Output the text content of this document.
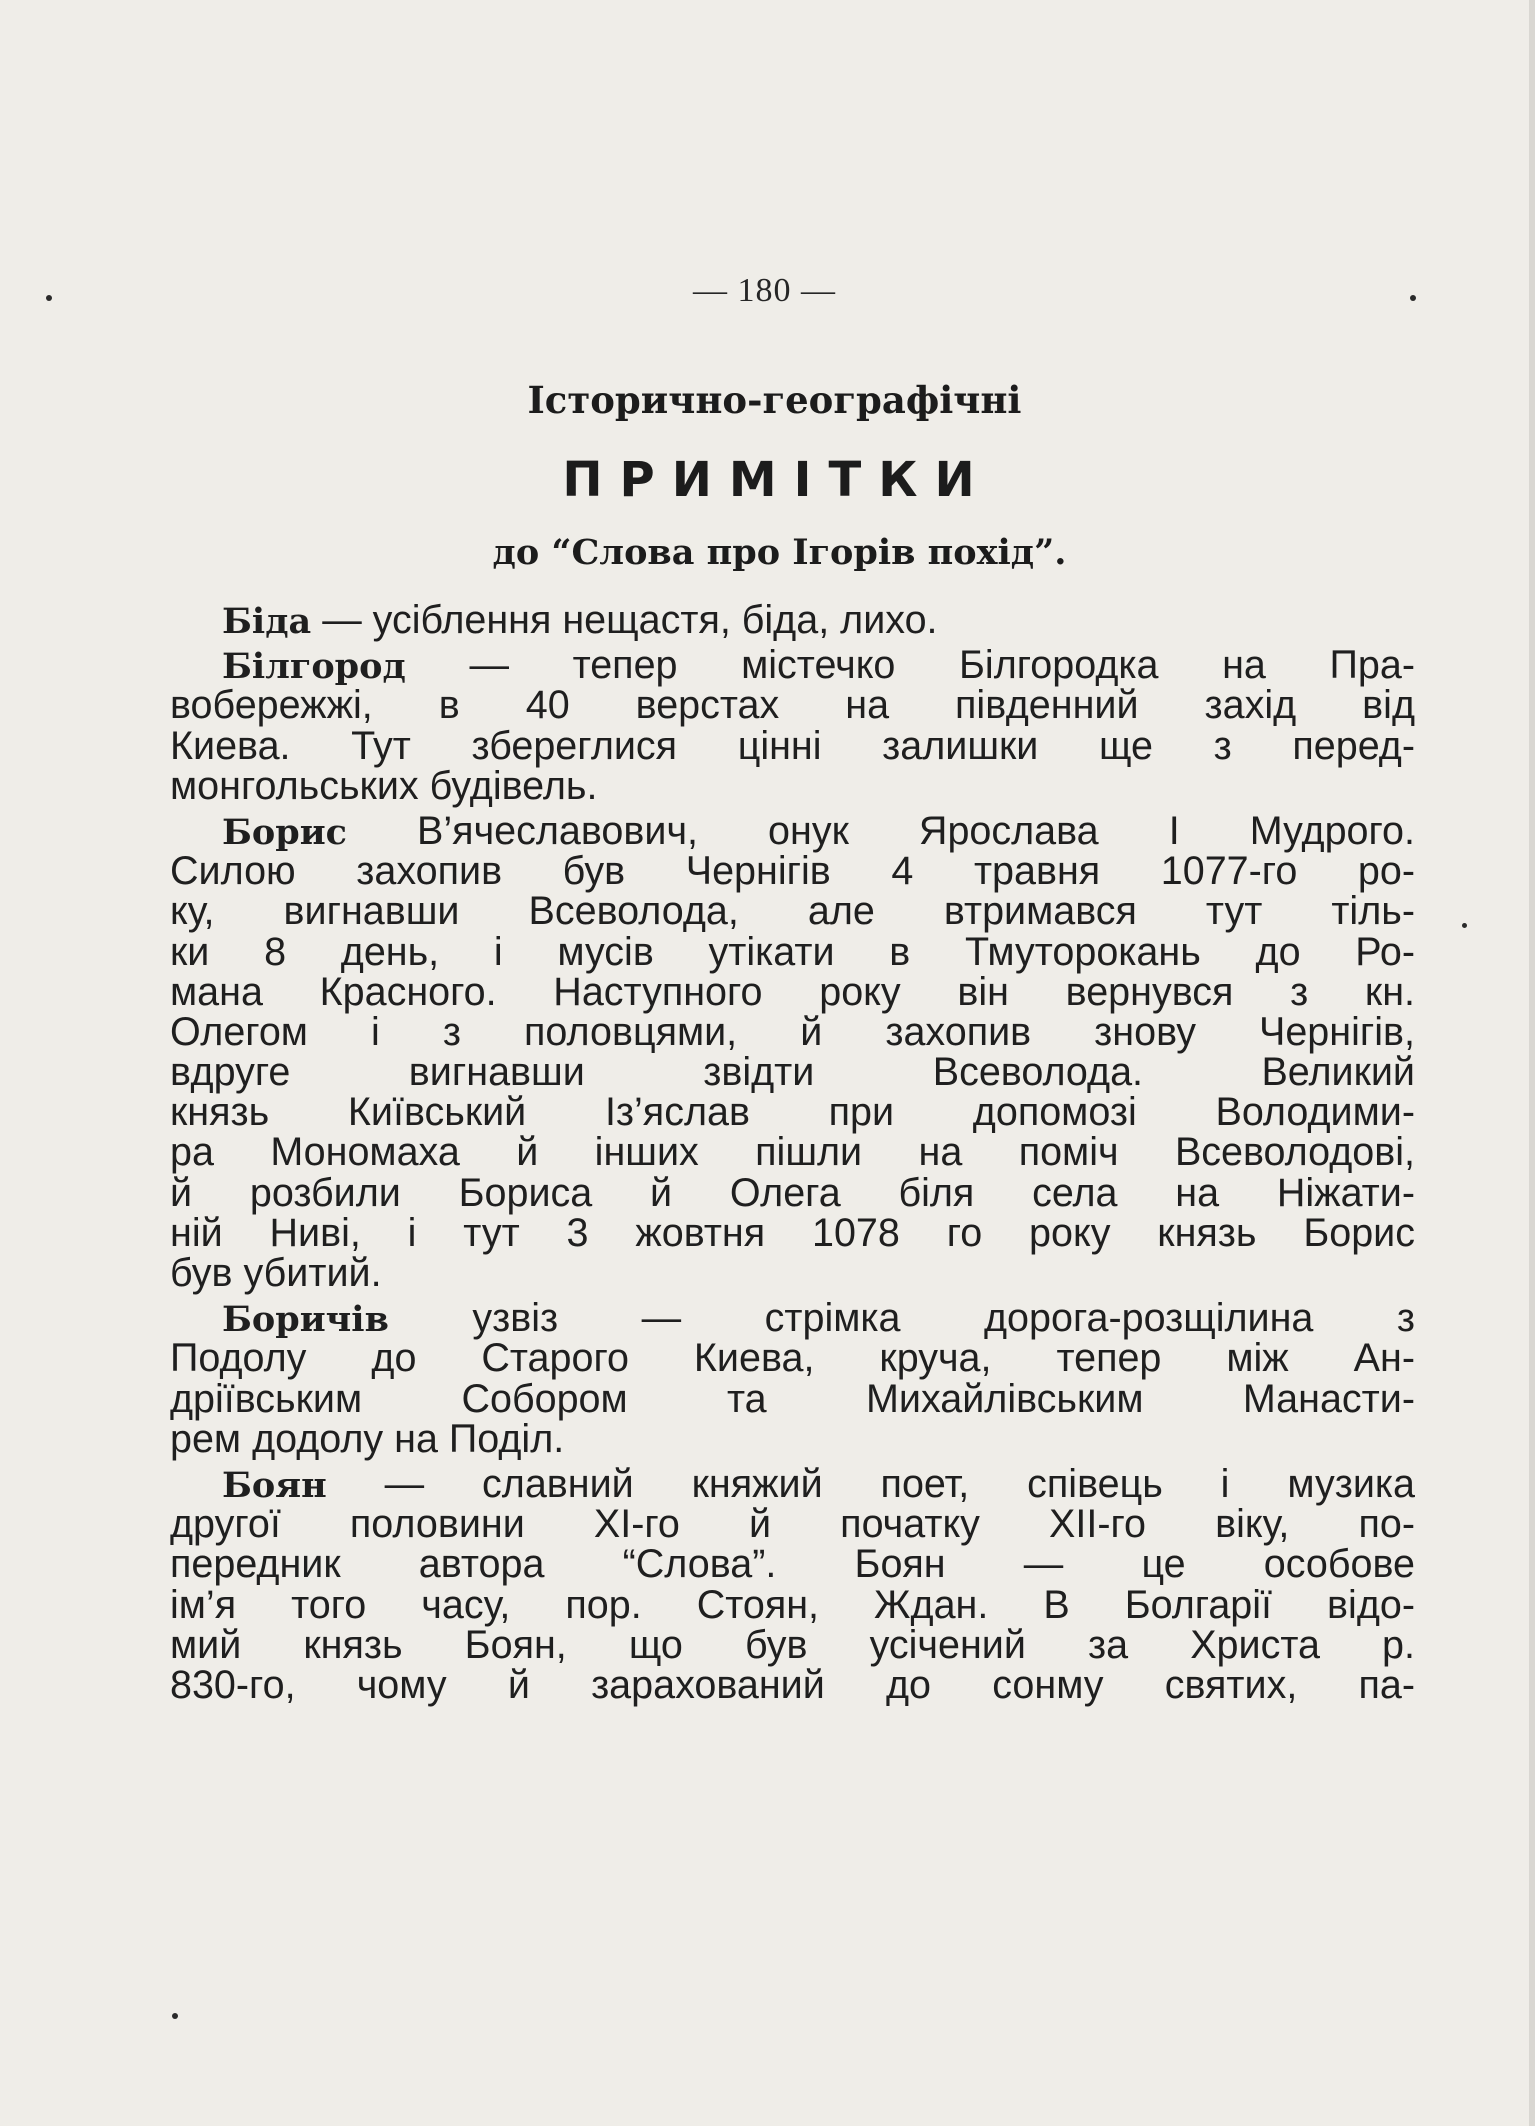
— 180 —
Історично-географічні
ПРИМІТКИ
до “Слова про Ігорів похід”.
Біда — усіблення нещастя, біда, лихо.
Білгород — тепер містечко Білгородка на Пра-
вобережжі, в 40 верстах на південний захід від
Киева. Тут збереглися цінні залишки ще з перед-
монгольських будівель.
Борис В’ячеславович, онук Ярослава І Мудрого.
Силою захопив був Чернігів 4 травня 1077-го ро-
ку, вигнавши Всеволода, але втримався тут тіль-
ки 8 день, і мусів утікати в Тмуторокань до Ро-
мана Красного. Наступного року він вернувся з кн.
Олегом і з половцями, й захопив знову Чернігів,
вдруге вигнавши звідти Всеволода. Великий
князь Київський Із’яслав при допомозі Володими-
ра Мономаха й інших пішли на поміч Всеволодові,
й розбили Бориса й Олега біля села на Ніжати-
ній Ниві, і тут 3 жовтня 1078 го року князь Борис
був убитий.
Боричів узвіз — стрімка дорога-розщілина з
Подолу до Старого Киева, круча, тепер між Ан-
дріївським Собором та Михайлівським Манасти-
рем додолу на Поділ.
Боян — славний княжий поет, співець і музика
другої половини ХІ-го й початку ХІІ-го віку, по-
передник автора “Слова”. Боян — це особове
ім’я того часу, пор. Стоян, Ждан. В Болгарії відо-
мий князь Боян, що був усічений за Христа р.
830-го, чому й зарахований до сонму святих, па-
